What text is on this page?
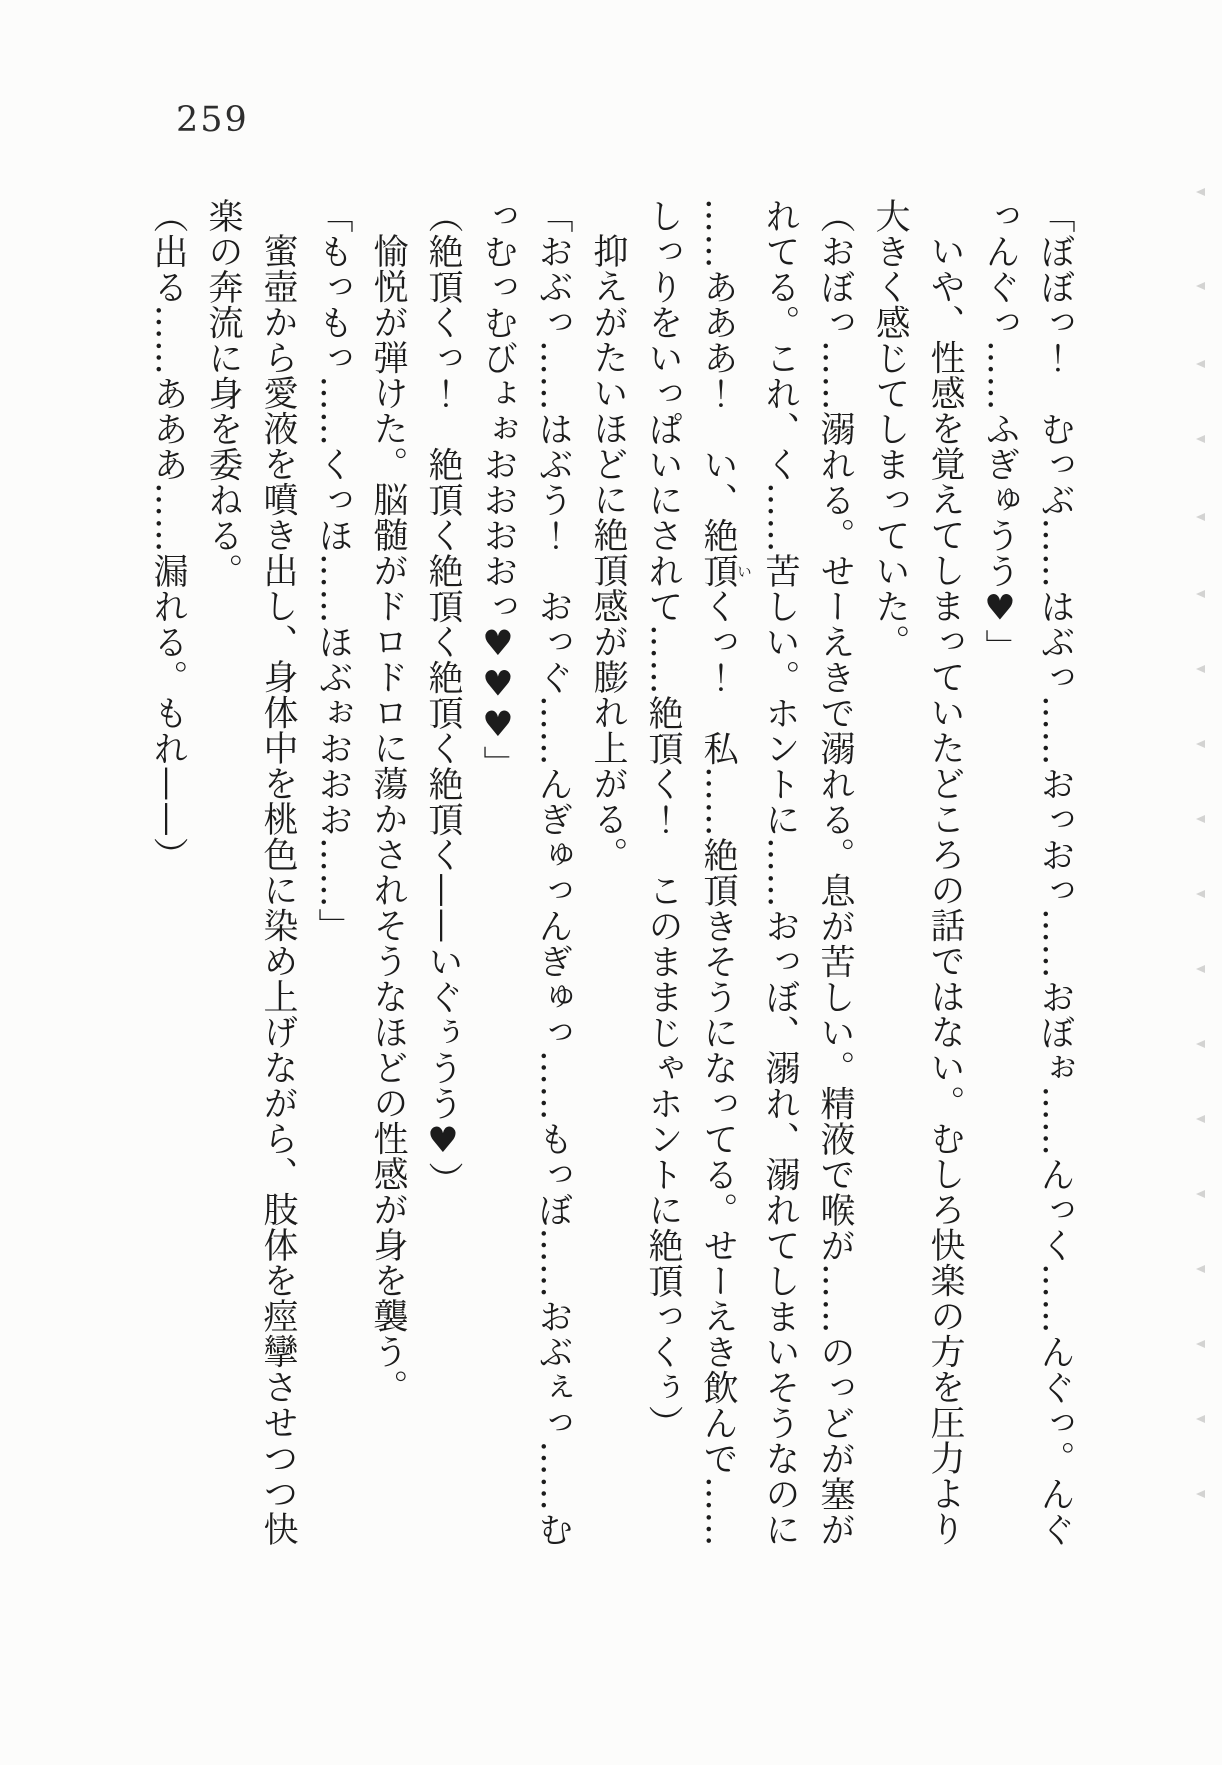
259

「ぼぼっ！　むっぶ……はぶっ……おっおっ……おぼぉ……んっく……んぐっ。んぐ

っんぐっ……ふぎゅうう♥」

いや、性感を覚えてしまっていたどころの話ではない。むしろ快楽の方を圧力より

大きく感じてしまっていた。

（おぼっ……溺れる。せーえきで溺れる。息が苦しい。精液で喉が……のっどが塞が

れてる。これ、く……苦しい。ホントに……おっぼ、溺れ、溺れてしまいそうなのに

……あああ！　い、絶頂いくっ！　私……絶頂きそうになってる。せーえき飲んで……

しっりをいっぱいにされて……絶頂く！　このままじゃホントに絶頂っくぅ）

抑えがたいほどに絶頂感が膨れ上がる。

「おぶっ……はぶう！　おっぐ……んぎゅっんぎゅっ……もっぼ……おぶぇっ……む

っむっむびょぉおおおおっ♥♥♥」

（絶頂くっ！　絶頂く絶頂く絶頂く絶頂く——いぐぅうう♥）

愉悦が弾けた。脳髄がドロドロに蕩かされそうなほどの性感が身を襲う。

「もっもっ……くっほ……ほぶぉおおお……」

蜜壺から愛液を噴き出し、身体中を桃色に染め上げながら、肢体を痙攣させつつ快

楽の奔流に身を委ねる。

（出る……あああ……漏れる。もれ——）
